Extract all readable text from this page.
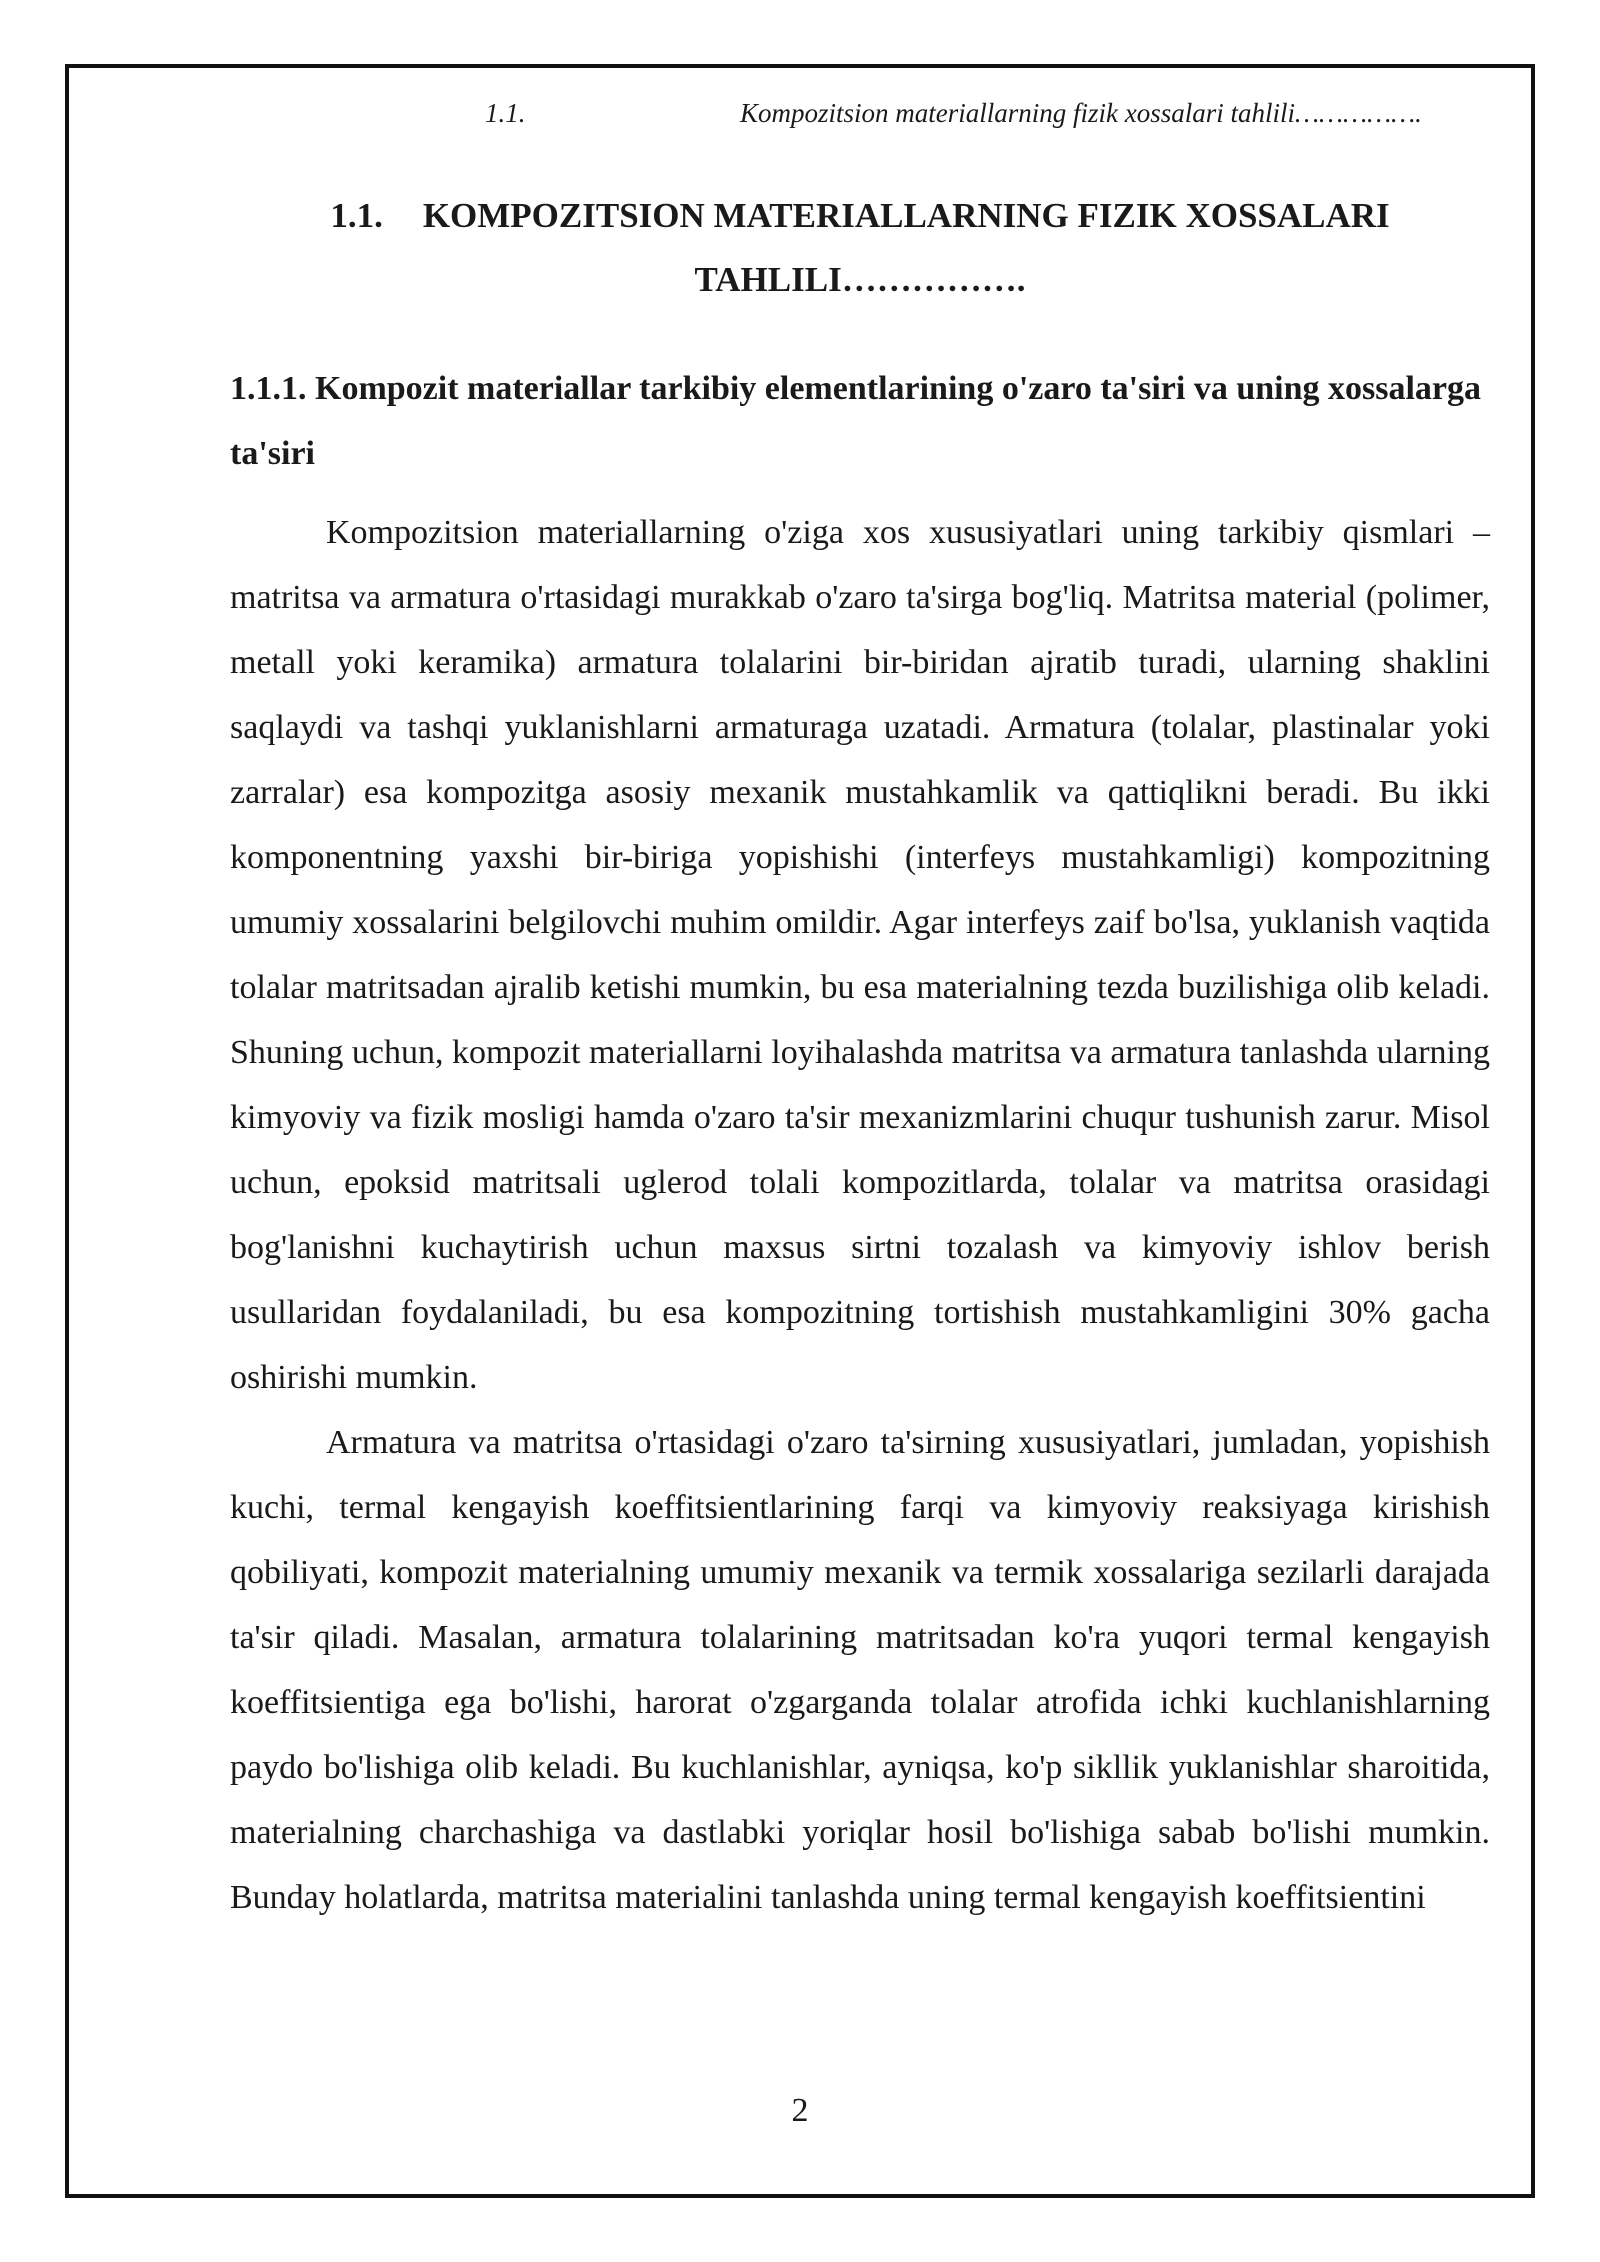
1.1.	Kompozitsion materiallarning fizik xossalari tahlili…………….
1.1. KOMPOZITSION MATERIALLARNING FIZIK XOSSALARI TAHLILI…………….
1.1.1. Kompozit materiallar tarkibiy elementlarining o'zaro ta'siri va uning xossalarga ta'siri

Kompozitsion materiallarning o'ziga xos xususiyatlari uning tarkibiy qismlari – matritsa va armatura o'rtasidagi murakkab o'zaro ta'sirga bog'liq. Matritsa material (polimer, metall yoki keramika) armatura tolalarini bir-biridan ajratib turadi, ularning shaklini saqlaydi va tashqi yuklanishlarni armaturaga uzatadi. Armatura (tolalar, plastinalar yoki zarralar) esa kompozitga asosiy mexanik mustahkamlik va qattiqlikni beradi. Bu ikki komponentning yaxshi bir-biriga yopishishi (interfeys mustahkamligi) kompozitning umumiy xossalarini belgilovchi muhim omildir. Agar interfeys zaif bo'lsa, yuklanish vaqtida tolalar matritsadan ajralib ketishi mumkin, bu esa materialning tezda buzilishiga olib keladi. Shuning uchun, kompozit materiallarni loyihalashda matritsa va armatura tanlashda ularning kimyoviy va fizik mosligi hamda o'zaro ta'sir mexanizmlarini chuqur tushunish zarur. Misol uchun, epoksid matritsali uglerod tolali kompozitlarda, tolalar va matritsa orasidagi bog'lanishni kuchaytirish uchun maxsus sirtni tozalash va kimyoviy ishlov berish usullaridan foydalaniladi, bu esa kompozitning tortishish mustahkamligini 30% gacha oshirishi mumkin.

Armatura va matritsa o'rtasidagi o'zaro ta'sirning xususiyatlari, jumladan, yopishish kuchi, termal kengayish koeffitsientlarining farqi va kimyoviy reaksiyaga kirishish qobiliyati, kompozit materialning umumiy mexanik va termik xossalariga sezilarli darajada ta'sir qiladi. Masalan, armatura tolalarining matritsadan ko'ra yuqori termal kengayish koeffitsientiga ega bo'lishi, harorat o'zgarganda tolalar atrofida ichki kuchlanishlarning paydo bo'lishiga olib keladi. Bu kuchlanishlar, ayniqsa, ko'p sikllik yuklanishlar sharoitida, materialning charchashiga va dastlabki yoriqlar hosil bo'lishiga sabab bo'lishi mumkin. Bunday holatlarda, matritsa materialini tanlashda uning termal kengayish koeffitsientini

2
